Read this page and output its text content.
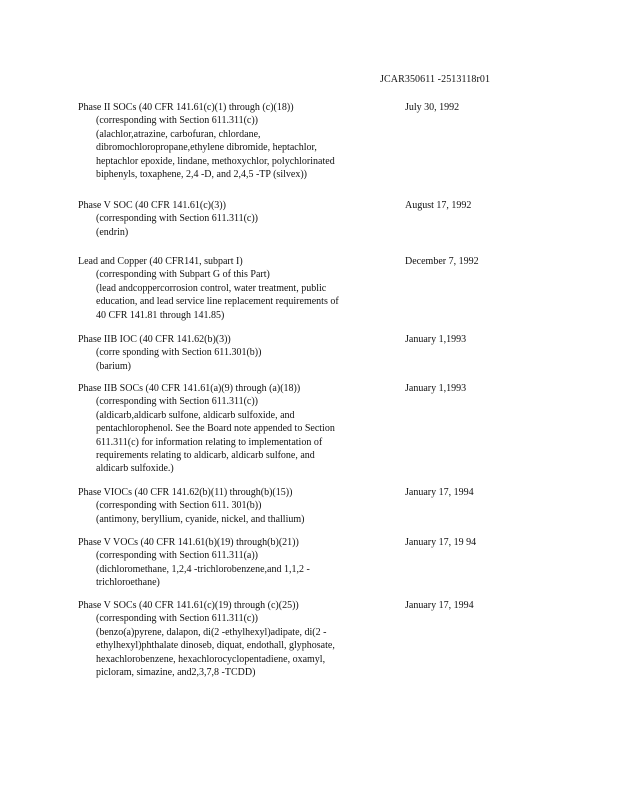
JCAR350611 -2513118r01
Phase II SOCs (40 CFR 141.61(c)(1) through (c)(18))
(corresponding with Section 611.311(c))
(alachlor,atrazine, carbofuran, chlordane,
dibromochloropropane,ethylene dibromide, heptachlor,
heptachlor epoxide, lindane, methoxychlor, polychlorinated
biphenyls, toxaphene, 2,4 -D, and 2,4,5 -TP (silvex))
July 30, 1992
Phase V SOC (40 CFR 141.61(c)(3))
(corresponding with Section 611.311(c))
(endrin)
August 17, 1992
Lead and Copper (40 CFR141, subpart I)
(corresponding with Subpart G of this Part)
(lead andcoppercorrosion control, water treatment, public
education, and lead service line replacement requirements of
40 CFR 141.81 through 141.85)
December 7, 1992
Phase IIB IOC (40 CFR 141.62(b)(3))
(corre sponding with Section 611.301(b))
(barium)
January 1,1993
Phase IIB SOCs (40 CFR 141.61(a)(9) through (a)(18))
(corresponding with Section 611.311(c))
(aldicarb,aldicarb sulfone, aldicarb sulfoxide, and
pentachlorophenol. See the Board note appended to Section
611.311(c) for information relating to implementation of
requirements relating to aldicarb, aldicarb sulfone, and
aldicarb sulfoxide.)
January 1,1993
Phase VIOCs (40 CFR 141.62(b)(11) through(b)(15))
(corresponding with Section 611. 301(b))
(antimony, beryllium, cyanide, nickel, and thallium)
January 17, 1994
Phase V VOCs (40 CFR 141.61(b)(19) through(b)(21))
(corresponding with Section 611.311(a))
(dichloromethane, 1,2,4 -trichlorobenzene,and 1,1,2 -
trichloroethane)
January 17, 19 94
Phase V SOCs (40 CFR 141.61(c)(19) through (c)(25))
(corresponding with Section 611.311(c))
(benzo(a)pyrene, dalapon, di(2 -ethylhexyl)adipate, di(2 -
ethylhexyl)phthalate dinoseb, diquat, endothall, glyphosate,
hexachlorobenzene, hexachlorocyclopentadiene, oxamyl,
picloram, simazine, and2,3,7,8 -TCDD)
January 17, 1994
